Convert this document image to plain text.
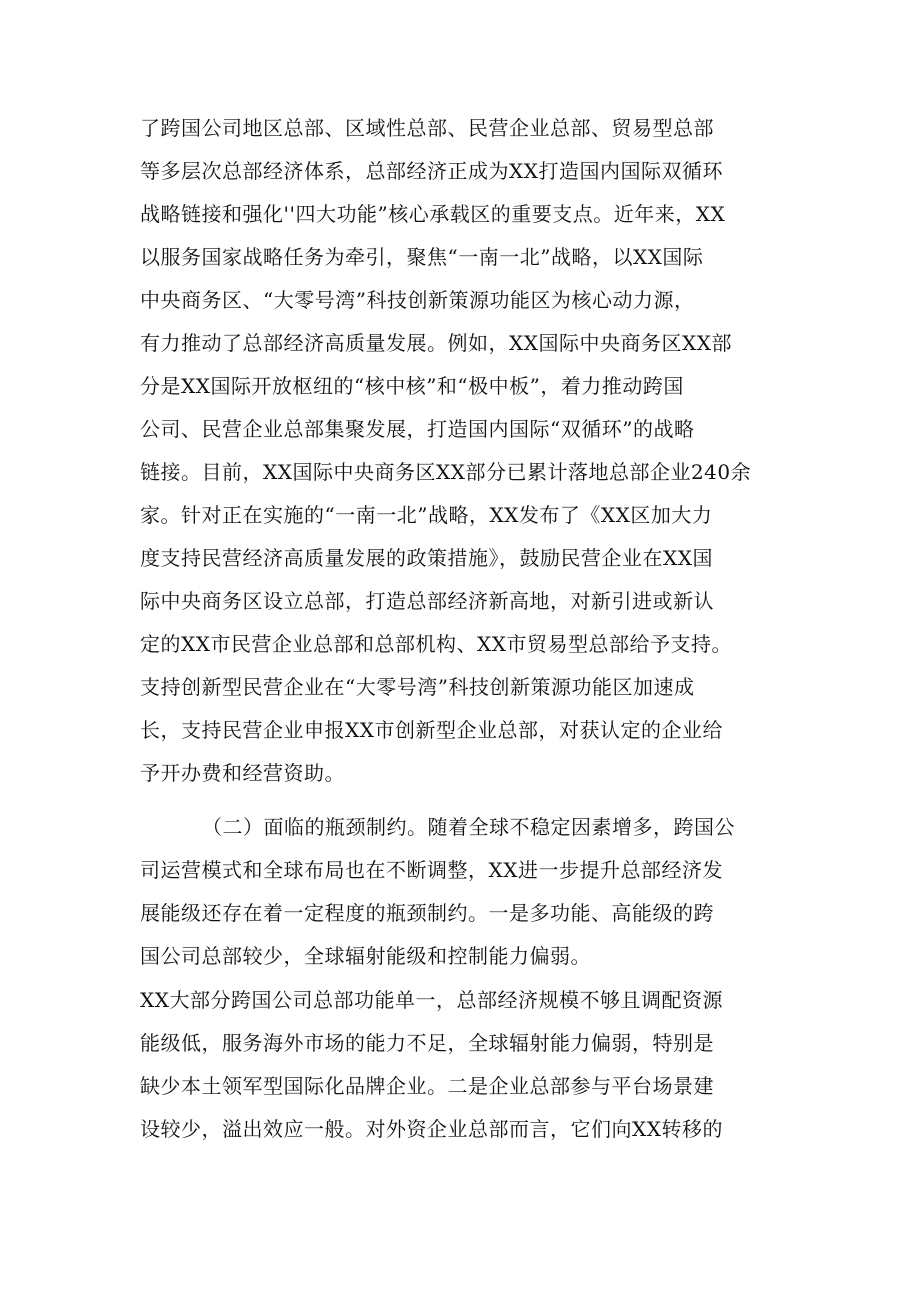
了跨国公司地区总部、区域性总部、民营企业总部、贸易型总部
等多层次总部经济体系，总部经济正成为XX打造国内国际双循环
战略链接和强化''四大功能”核心承载区的重要支点。近年来，XX
以服务国家战略任务为牵引，聚焦“一南一北”战略，以XX国际
中央商务区、“大零号湾”科技创新策源功能区为核心动力源，
有力推动了总部经济高质量发展。例如，XX国际中央商务区XX部
分是XX国际开放枢纽的“核中核”和“极中板”，着力推动跨国
公司、民营企业总部集聚发展，打造国内国际“双循环”的战略
链接。目前，XX国际中央商务区XX部分已累计落地总部企业240余
家。针对正在实施的“一南一北”战略，XX发布了《XX区加大力
度支持民营经济高质量发展的政策措施》，鼓励民营企业在XX国
际中央商务区设立总部，打造总部经济新高地，对新引进或新认
定的XX市民营企业总部和总部机构、XX市贸易型总部给予支持。
支持创新型民营企业在“大零号湾”科技创新策源功能区加速成
长，支持民营企业申报XX市创新型企业总部，对获认定的企业给
予开办费和经营资助。
（二）面临的瓶颈制约。随着全球不稳定因素增多，跨国公
司运营模式和全球布局也在不断调整，XX进一步提升总部经济发
展能级还存在着一定程度的瓶颈制约。一是多功能、高能级的跨
国公司总部较少，全球辐射能级和控制能力偏弱。
XX大部分跨国公司总部功能单一，总部经济规模不够且调配资源
能级低，服务海外市场的能力不足，全球辐射能力偏弱，特别是
缺少本土领军型国际化品牌企业。二是企业总部参与平台场景建
设较少，溢出效应一般。对外资企业总部而言，它们向XX转移的
